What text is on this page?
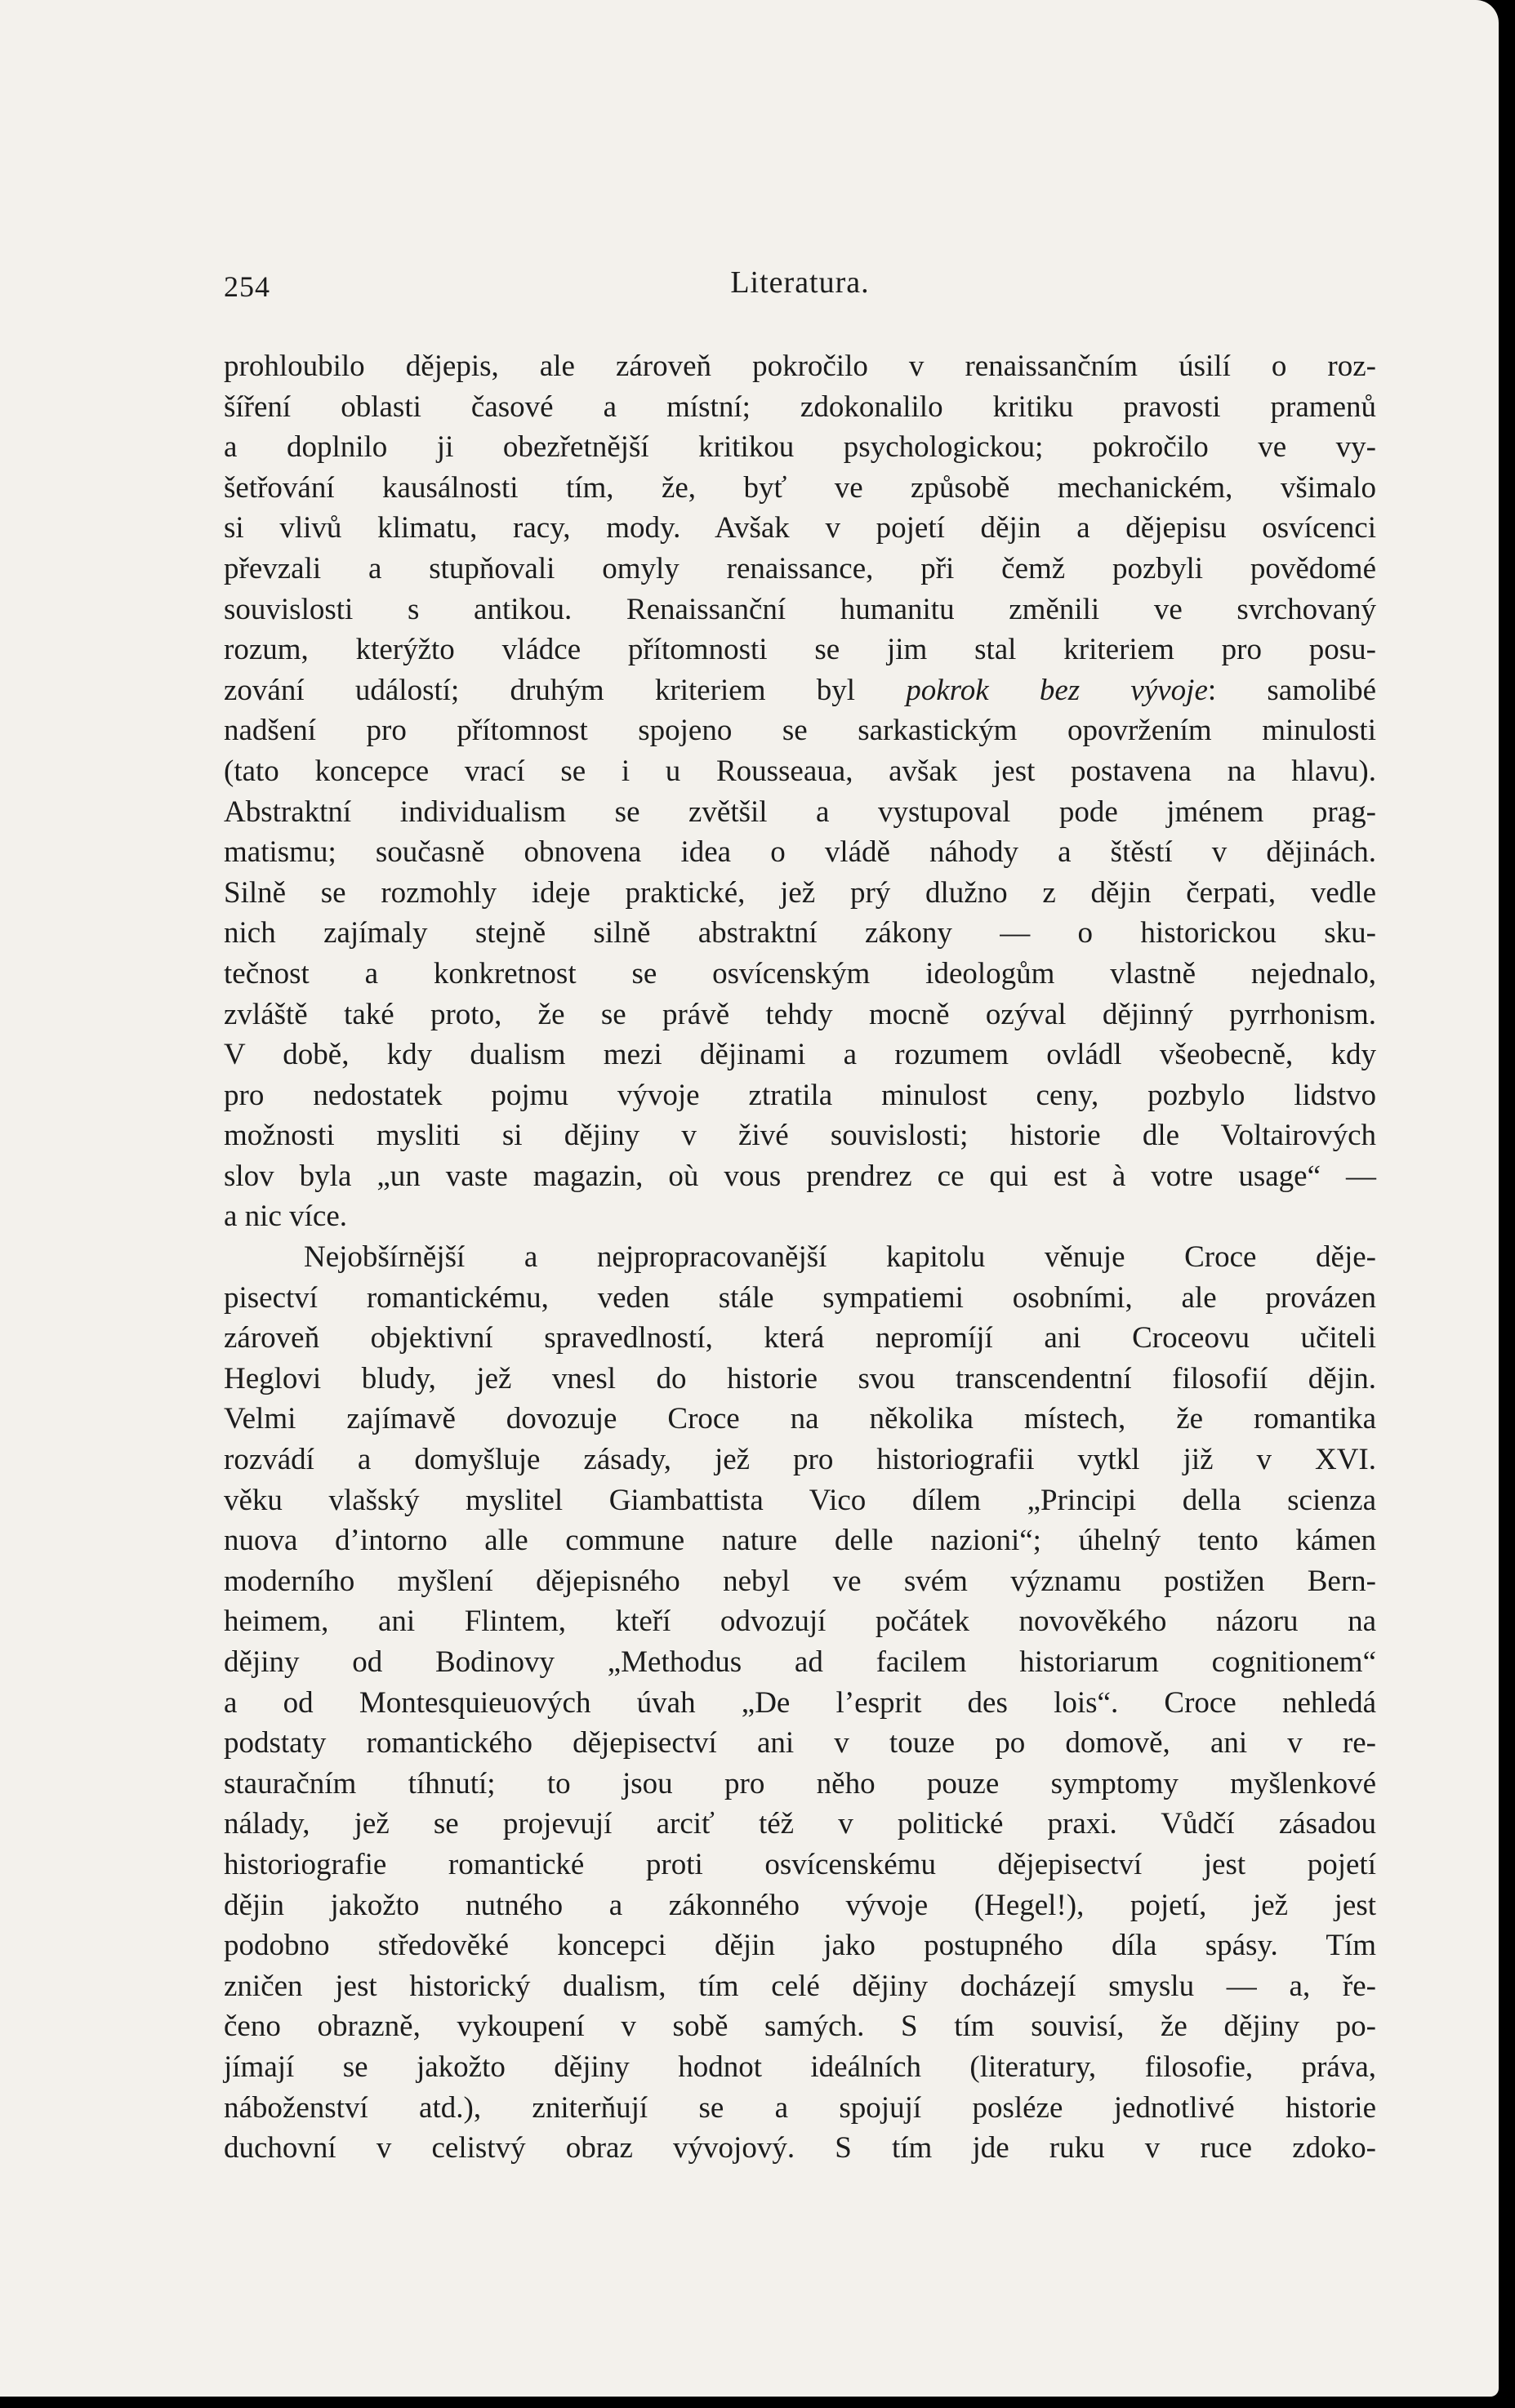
254	Literatura.
prohloubilo dějepis, ale zároveň pokročilo v renaissančním úsilí o roz-
šíření oblasti časové a místní; zdokonalilo kritiku pravosti pramenů
a doplnilo ji obezřetnější kritikou psychologickou; pokročilo ve vy-
šetřování kausálnosti tím, že, byť ve způsobě mechanickém, všimalo
si vlivů klimatu, racy, mody. Avšak v pojetí dějin a dějepisu osvícenci
převzali a stupňovali omyly renaissance, při čemž pozbyli povědomé
souvislosti s antikou. Renaissanční humanitu změnili ve svrchovaný
rozum, kterýžto vládce přítomnosti se jim stal kriteriem pro posu-
zování událostí; druhým kriteriem byl pokrok bez vývoje: samolibé
nadšení pro přítomnost spojeno se sarkastickým opovržením minulosti
(tato koncepce vrací se i u Rousseaua, avšak jest postavena na hlavu).
Abstraktní individualism se zvětšil a vystupoval pode jménem prag-
matismu; současně obnovena idea o vládě náhody a štěstí v dějinách.
Silně se rozmohly ideje praktické, jež prý dlužno z dějin čerpati, vedle
nich zajímaly stejně silně abstraktní zákony — o historickou sku-
tečnost a konkretnost se osvícenským ideologům vlastně nejednalo,
zvláště také proto, že se právě tehdy mocně ozýval dějinný pyrrhonism.
V době, kdy dualism mezi dějinami a rozumem ovládl všeobecně, kdy
pro nedostatek pojmu vývoje ztratila minulost ceny, pozbylo lidstvo
možnosti mysliti si dějiny v živé souvislosti; historie dle Voltairových
slov byla „un vaste magazin, où vous prendrez ce qui est à votre usage“ —
a nic více.
Nejobšírnější a nejpropracovanější kapitolu věnuje Croce děje-
pisectví romantickému, veden stále sympatiemi osobními, ale provázen
zároveň objektivní spravedlností, která nepromíjí ani Croceovu učiteli
Heglovi bludy, jež vnesl do historie svou transcendentní filosofií dějin.
Velmi zajímavě dovozuje Croce na několika místech, že romantika
rozvádí a domyšluje zásady, jež pro historiografii vytkl již v XVI.
věku vlašský myslitel Giambattista Vico dílem „Principi della scienza
nuova d’intorno alle commune nature delle nazioni“; úhelný tento kámen
moderního myšlení dějepisného nebyl ve svém významu postižen Bern-
heimem, ani Flintem, kteří odvozují počátek novověkého názoru na
dějiny od Bodinovy „Methodus ad facilem historiarum cognitionem“
a od Montesquieuových úvah „De l’esprit des lois“. Croce nehledá
podstaty romantického dějepisectví ani v touze po domově, ani v re-
stauračním tíhnutí; to jsou pro něho pouze symptomy myšlenkové
nálady, jež se projevují arciť též v politické praxi. Vůdčí zásadou
historiografie romantické proti osvícenskému dějepisectví jest pojetí
dějin jakožto nutného a zákonného vývoje (Hegel!), pojetí, jež jest
podobno středověké koncepci dějin jako postupného díla spásy. Tím
zničen jest historický dualism, tím celé dějiny docházejí smyslu — a, ře-
čeno obrazně, vykoupení v sobě samých. S tím souvisí, že dějiny po-
jímají se jakožto dějiny hodnot ideálních (literatury, filosofie, práva,
náboženství atd.), zniterňují se a spojují posléze jednotlivé historie
duchovní v celistvý obraz vývojový. S tím jde ruku v ruce zdoko-
